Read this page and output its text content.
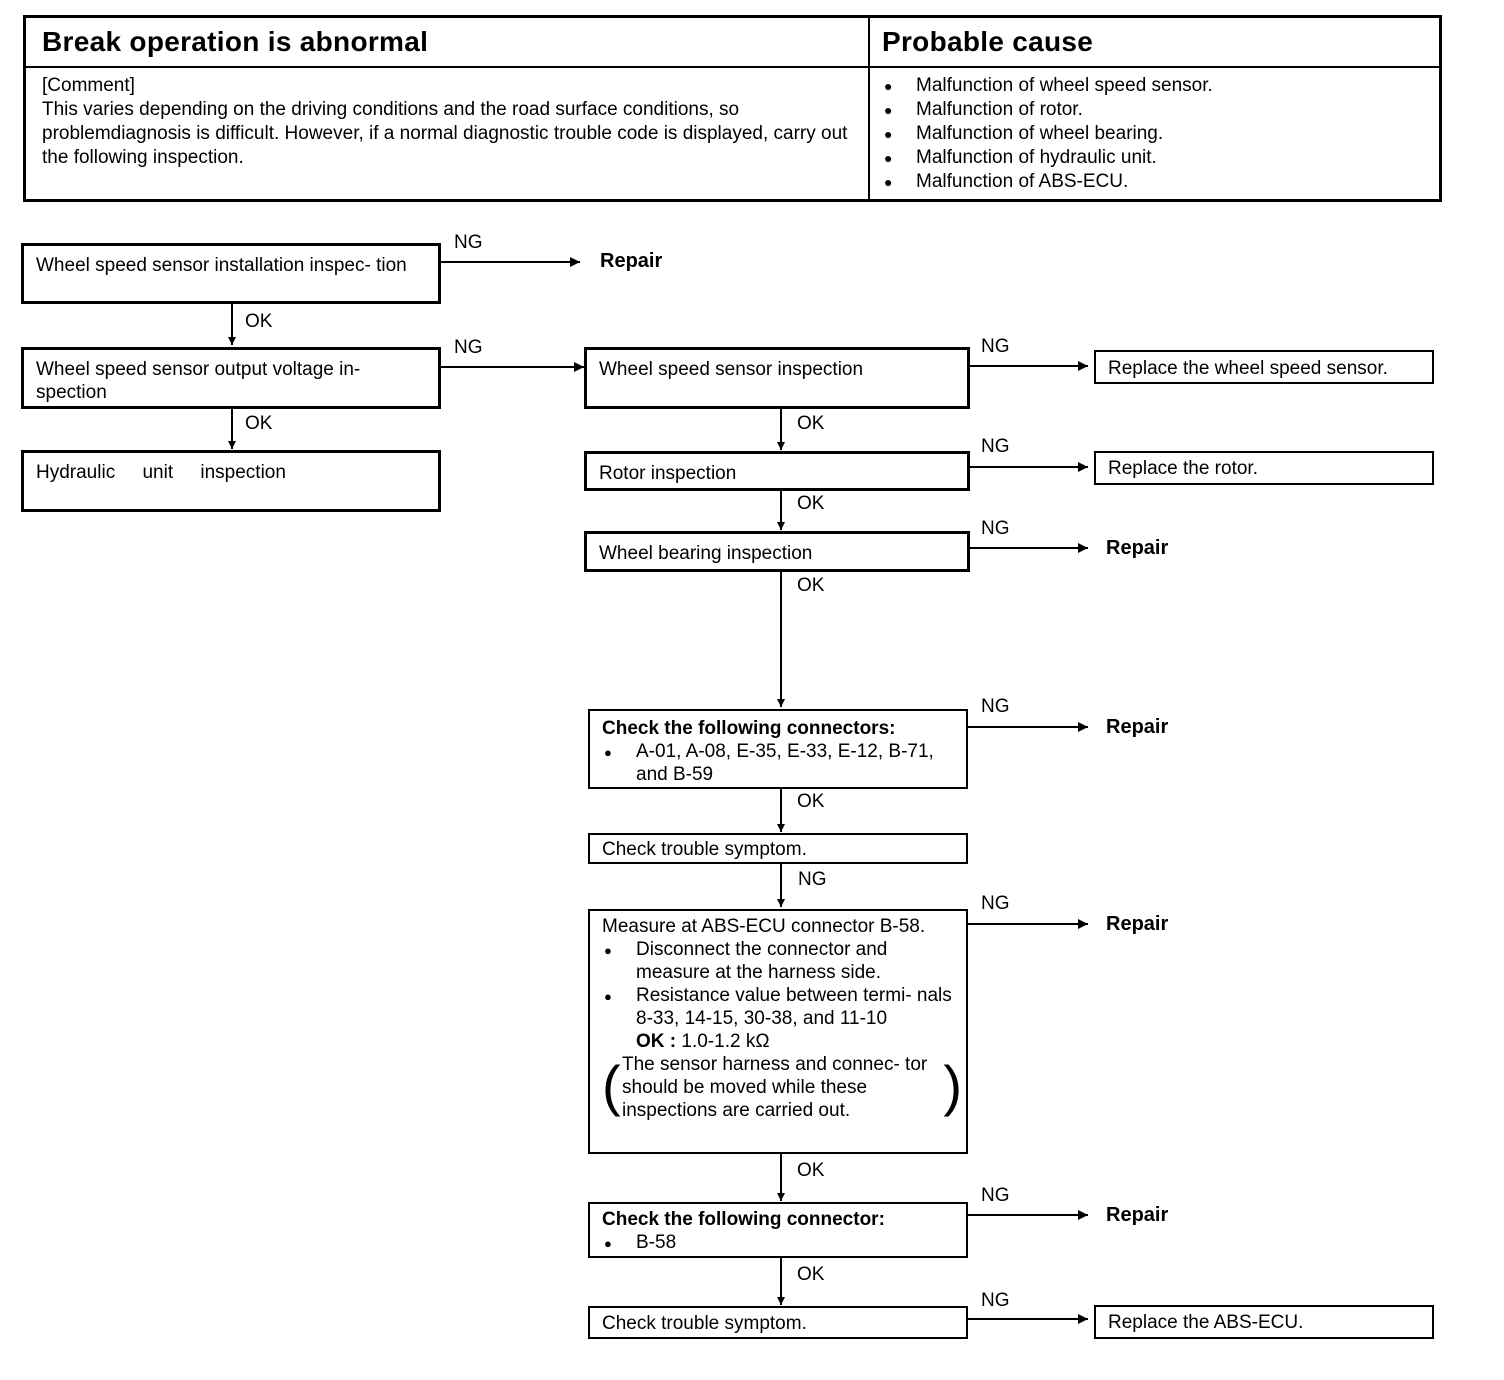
Break operation is abnormal	Probable cause
[Comment]
This varies depending on the driving conditions and the road surface conditions, so problemdiagnosis is difficult. However, if a normal diagnostic trouble code is displayed, carry out the following inspection.
● Malfunction of wheel speed sensor.
● Malfunction of rotor.
● Malfunction of wheel bearing.
● Malfunction of hydraulic unit.
● Malfunction of ABS-ECU.
Wheel speed sensor installation inspec- tion
Wheel speed sensor output voltage in- spection
Hydraulic unit inspection
Wheel speed sensor inspection
Rotor inspection
Wheel bearing inspection
Check the following connectors:
● A-01, A-08, E-35, E-33, E-12, B-71, and B-59
Check trouble symptom.
Measure at ABS-ECU connector B-58.
● Disconnect the connector and measure at the harness side.
● Resistance value between termi- nals 8-33, 14-15, 30-38, and 11-10
OK : 1.0-1.2 kΩ
( The sensor harness and connec- tor should be moved while these inspections are carried out. )
Check the following connector:
● B-58
Check trouble symptom.
Replace the wheel speed sensor.
Replace the rotor.
Replace the ABS-ECU.
Repair
Repair
Repair
Repair
Repair
NG
NG	NG
NG
NG
NG
NG
NG
NG
NG
OK
OK	OK
OK
OK
OK
OK
OK
